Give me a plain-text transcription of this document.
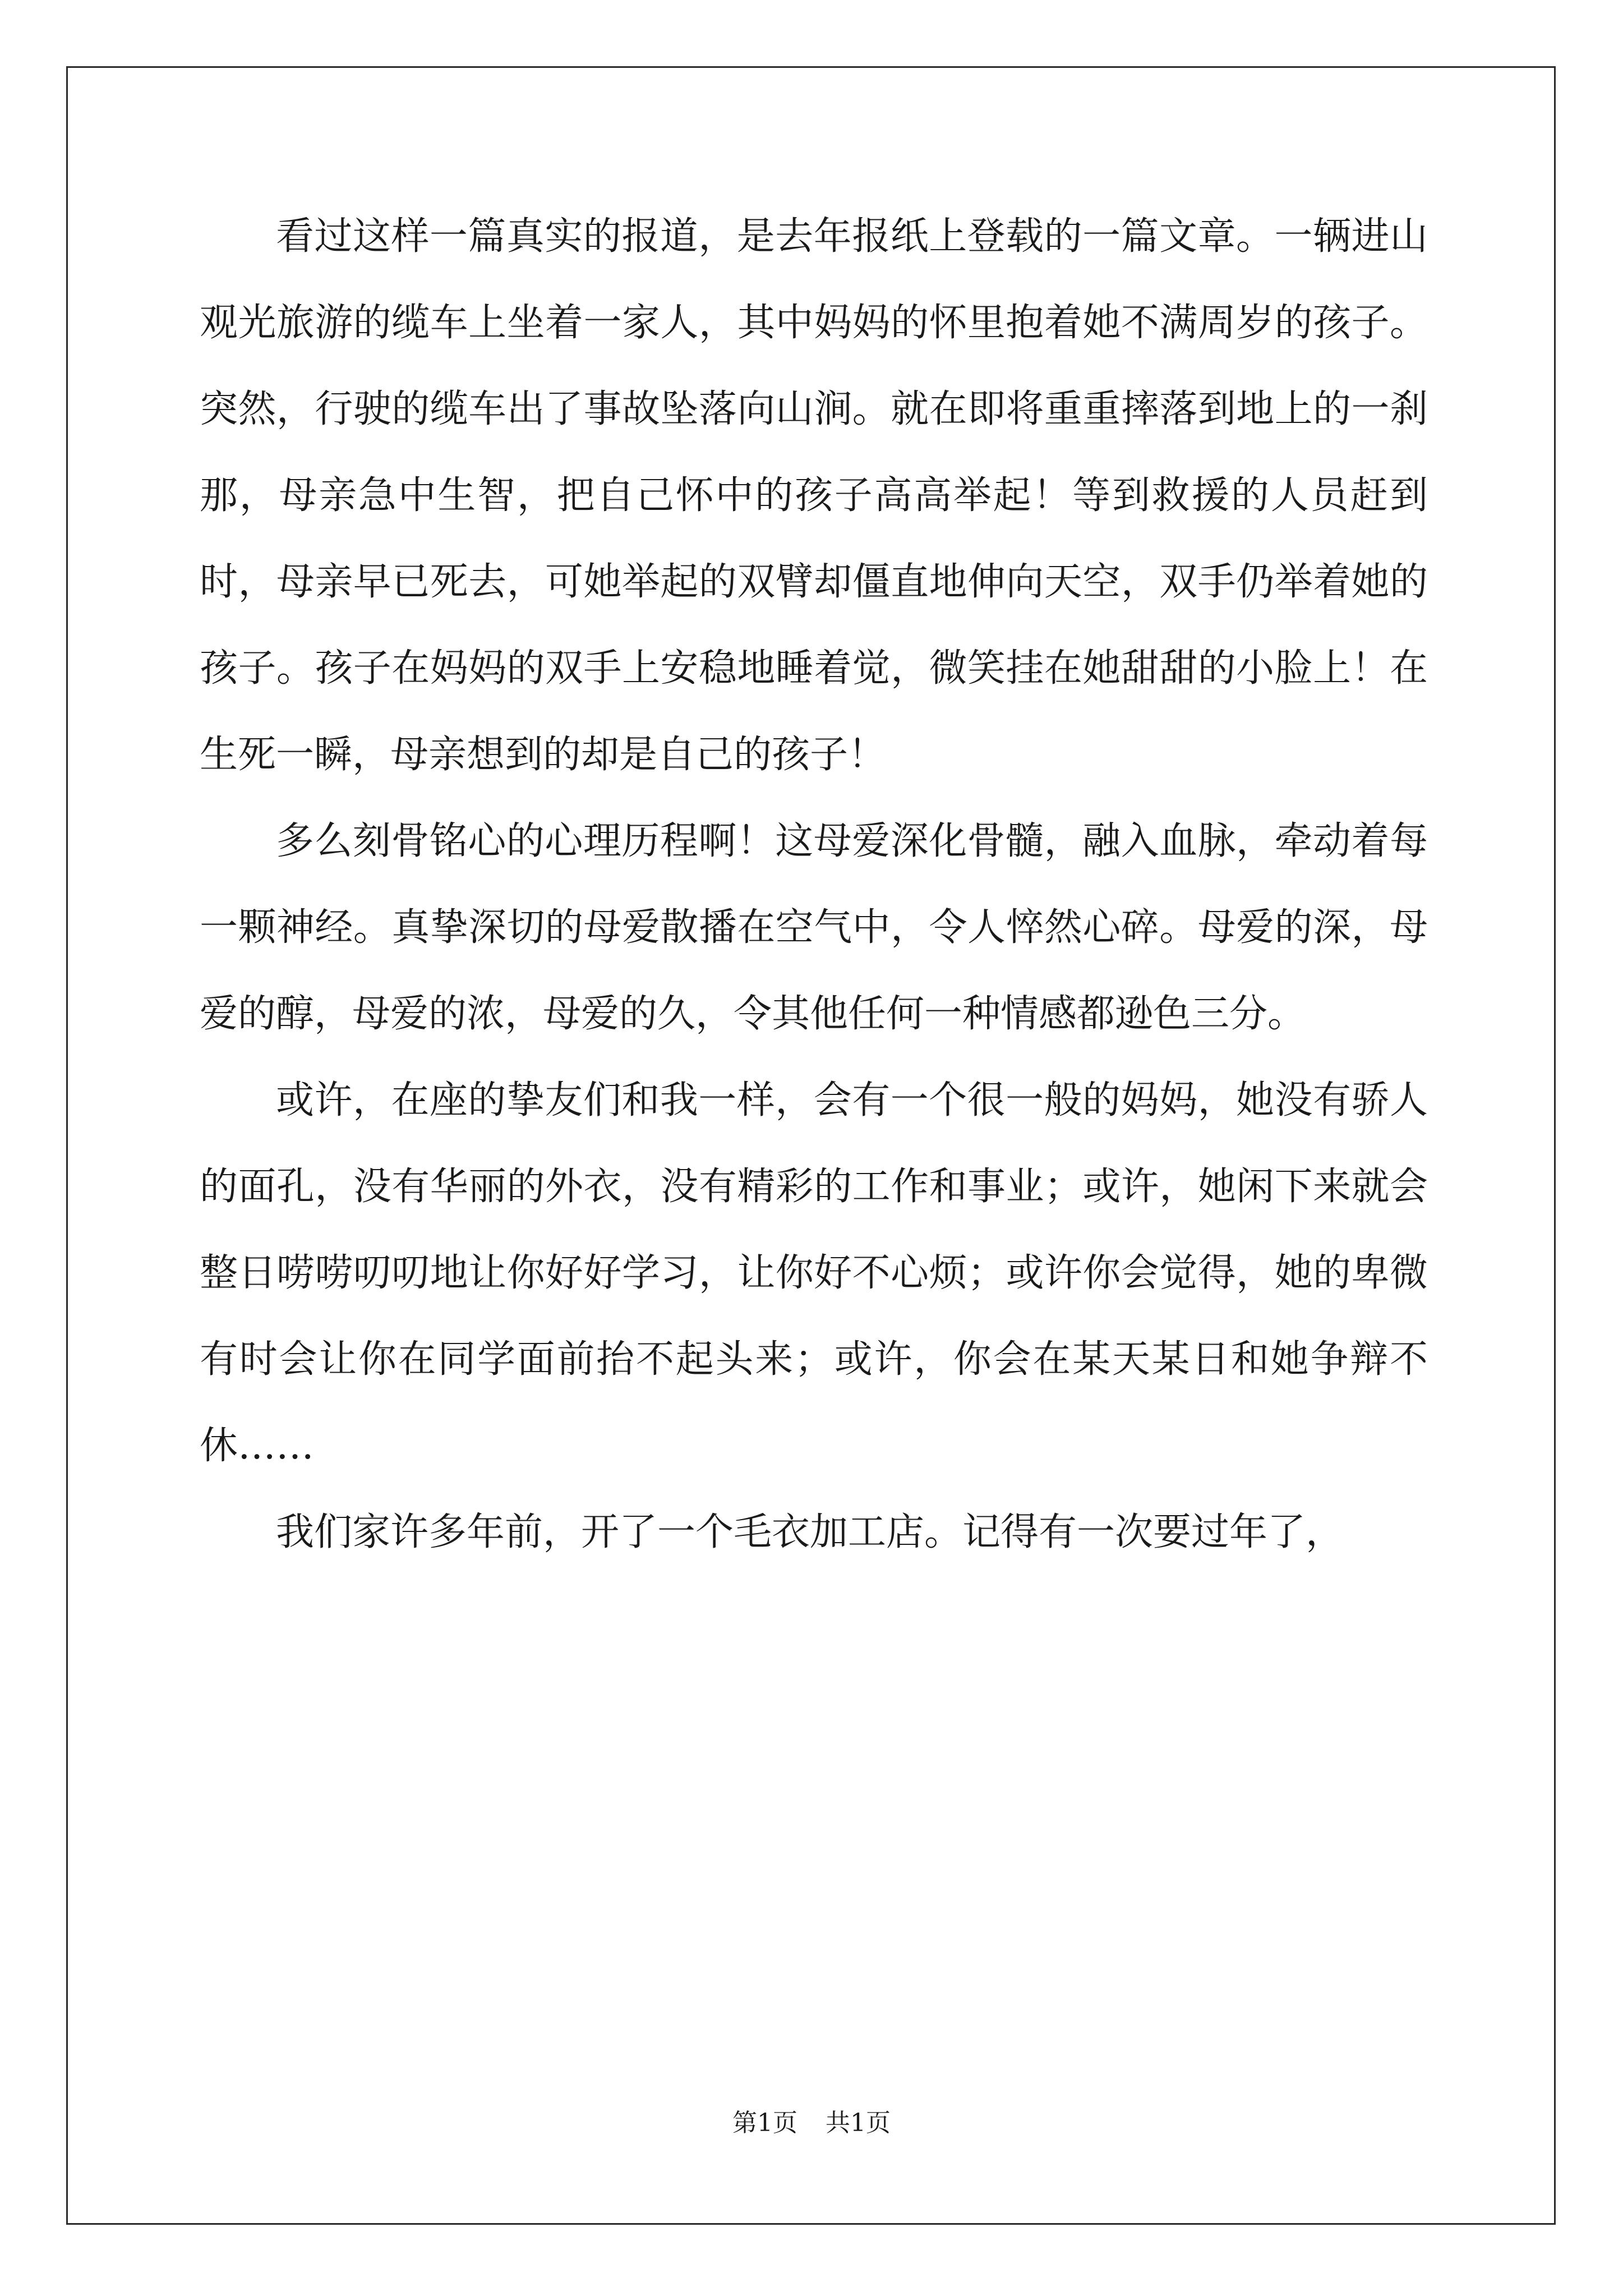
看过这样一篇真实的报道，是去年报纸上登载的一篇文章。一辆进山观光旅游的缆车上坐着一家人，其中妈妈的怀里抱着她不满周岁的孩子。突然，行驶的缆车出了事故坠落向山涧。就在即将重重摔落到地上的一刹那，母亲急中生智，把自己怀中的孩子高高举起！等到救援的人员赶到时，母亲早已死去，可她举起的双臂却僵直地伸向天空，双手仍举着她的孩子。孩子在妈妈的双手上安稳地睡着觉，微笑挂在她甜甜的小脸上！在生死一瞬，母亲想到的却是自己的孩子！

多么刻骨铭心的心理历程啊！这母爱深化骨髓，融入血脉，牵动着每一颗神经。真挚深切的母爱散播在空气中，令人悴然心碎。母爱的深，母爱的醇，母爱的浓，母爱的久，令其他任何一种情感都逊色三分。

或许，在座的挚友们和我一样，会有一个很一般的妈妈，她没有骄人的面孔，没有华丽的外衣，没有精彩的工作和事业；或许，她闲下来就会整日唠唠叨叨地让你好好学习，让你好不心烦；或许你会觉得，她的卑微有时会让你在同学面前抬不起头来；或许，你会在某天某日和她争辩不休……

我们家许多年前，开了一个毛衣加工店。记得有一次要过年了，

第1页 共1页
